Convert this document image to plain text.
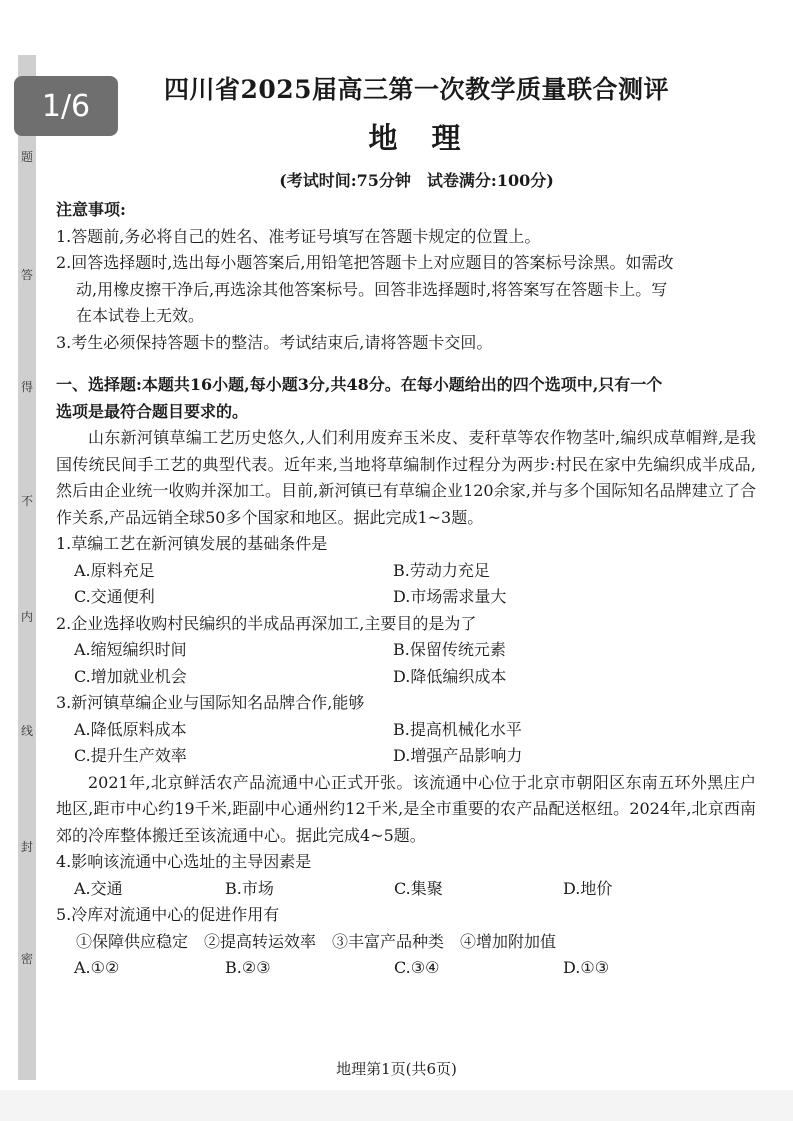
题
答
得
不
内
线
封
密
1/6	四川省2025届高三第一次教学质量联合测评
地理
(考试时间:75分钟　试卷满分:100分)
注意事项:
1.答题前,务必将自己的姓名、准考证号填写在答题卡规定的位置上。
2.回答选择题时,选出每小题答案后,用铅笔把答题卡上对应题目的答案标号涂黑。如需改
动,用橡皮擦干净后,再选涂其他答案标号。回答非选择题时,将答案写在答题卡上。写
在本试卷上无效。
3.考生必须保持答题卡的整洁。考试结束后,请将答题卡交回。
一、选择题:本题共16小题,每小题3分,共48分。在每小题给出的四个选项中,只有一个
选项是最符合题目要求的。
山东新河镇草编工艺历史悠久,人们利用废弃玉米皮、麦秆草等农作物茎叶,编织成草帽辫,是我国传统民间手工艺的典型代表。近年来,当地将草编制作过程分为两步:村民在家中先编织成半成品,然后由企业统一收购并深加工。目前,新河镇已有草编企业120余家,并与多个国际知名品牌建立了合作关系,产品远销全球50多个国家和地区。据此完成1~3题。
1.草编工艺在新河镇发展的基础条件是
A.原料充足	B.劳动力充足
C.交通便利	D.市场需求量大
2.企业选择收购村民编织的半成品再深加工,主要目的是为了
A.缩短编织时间	B.保留传统元素
C.增加就业机会	D.降低编织成本
3.新河镇草编企业与国际知名品牌合作,能够
A.降低原料成本	B.提高机械化水平
C.提升生产效率	D.增强产品影响力
2021年,北京鲜活农产品流通中心正式开张。该流通中心位于北京市朝阳区东南五环外黑庄户地区,距市中心约19千米,距副中心通州约12千米,是全市重要的农产品配送枢纽。2024年,北京西南郊的冷库整体搬迁至该流通中心。据此完成4~5题。
4.影响该流通中心选址的主导因素是
A.交通	B.市场	C.集聚	D.地价
5.冷库对流通中心的促进作用有
①保障供应稳定　②提高转运效率　③丰富产品种类　④增加附加值
A.①②	B.②③	C.③④	D.①③
地理第1页(共6页)
